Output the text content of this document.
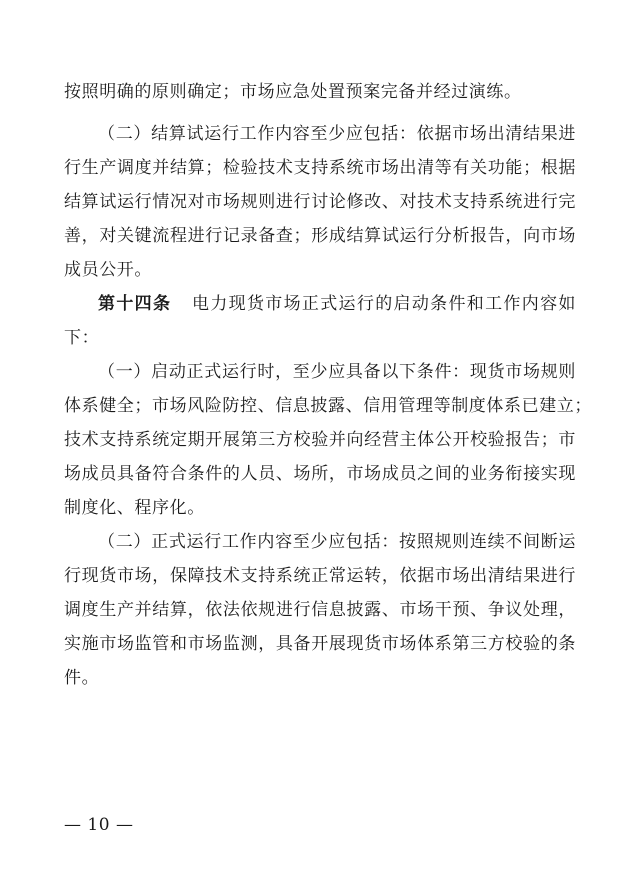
按照明确的原则确定；市场应急处置预案完备并经过演练。
（二）结算试运行工作内容至少应包括：依据市场出清结果进
行生产调度并结算；检验技术支持系统市场出清等有关功能；根据
结算试运行情况对市场规则进行讨论修改、对技术支持系统进行完
善，对关键流程进行记录备查；形成结算试运行分析报告，向市场
成员公开。
第十四条 电力现货市场正式运行的启动条件和工作内容如
下：
（一）启动正式运行时，至少应具备以下条件：现货市场规则
体系健全；市场风险防控、信息披露、信用管理等制度体系已建立；
技术支持系统定期开展第三方校验并向经营主体公开校验报告；市
场成员具备符合条件的人员、场所，市场成员之间的业务衔接实现
制度化、程序化。
（二）正式运行工作内容至少应包括：按照规则连续不间断运
行现货市场，保障技术支持系统正常运转，依据市场出清结果进行
调度生产并结算，依法依规进行信息披露、市场干预、争议处理，
实施市场监管和市场监测，具备开展现货市场体系第三方校验的条
件。
— 10 —
